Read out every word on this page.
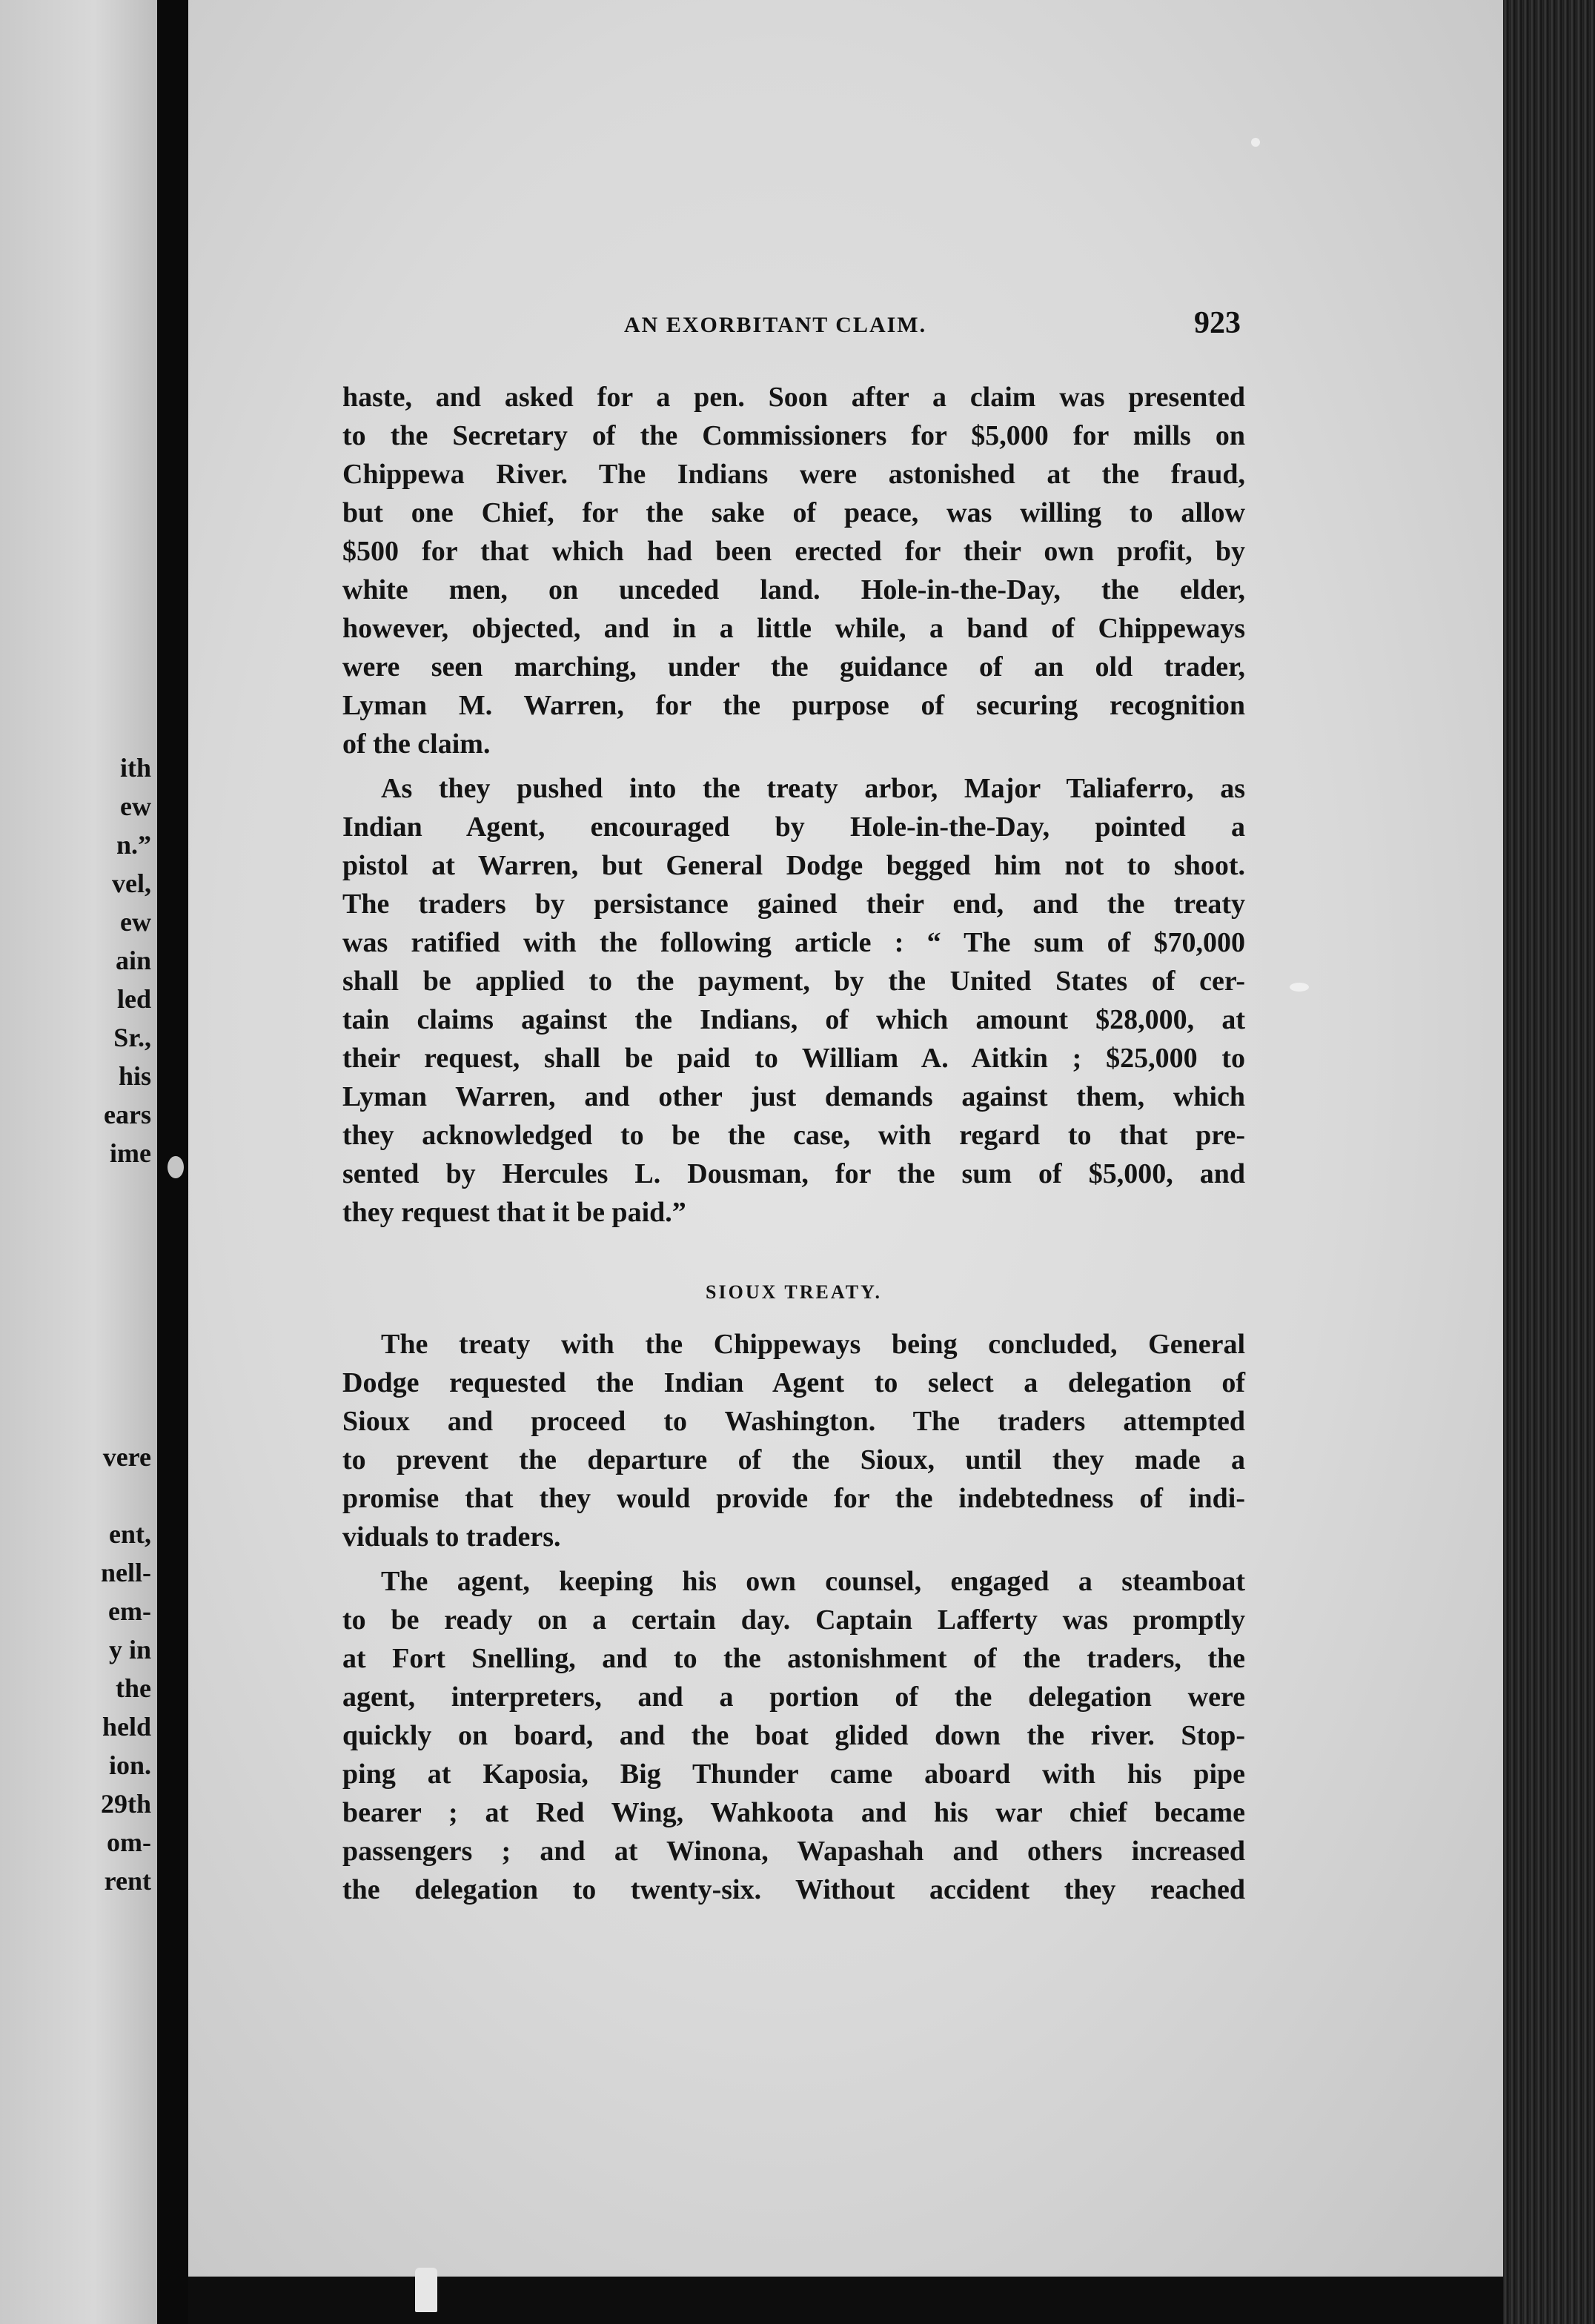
ith
ew
n.”
vel,
ew
ain
led
Sr.,
his
ears
ime
vere
ent,
nell-
em-
y in
the
held
ion.
29th
om-
rent
AN EXORBITANT CLAIM.	923
haste, and asked for a pen. Soon after a claim was presented
to the Secretary of the Commissioners for $5,000 for mills on
Chippewa River. The Indians were astonished at the fraud,
but one Chief, for the sake of peace, was willing to allow
$500 for that which had been erected for their own profit, by
white men, on unceded land. Hole-in-the-Day, the elder,
however, objected, and in a little while, a band of Chippeways
were seen marching, under the guidance of an old trader,
Lyman M. Warren, for the purpose of securing recognition
of the claim.
As they pushed into the treaty arbor, Major Taliaferro, as
Indian Agent, encouraged by Hole-in-the-Day, pointed a
pistol at Warren, but General Dodge begged him not to shoot.
The traders by persistance gained their end, and the treaty
was ratified with the following article : “ The sum of $70,000
shall be applied to the payment, by the United States of cer-
tain claims against the Indians, of which amount $28,000, at
their request, shall be paid to William A. Aitkin ; $25,000 to
Lyman Warren, and other just demands against them, which
they acknowledged to be the case, with regard to that pre-
sented by Hercules L. Dousman, for the sum of $5,000, and
they request that it be paid.”
SIOUX TREATY.
The treaty with the Chippeways being concluded, General
Dodge requested the Indian Agent to select a delegation of
Sioux and proceed to Washington. The traders attempted
to prevent the departure of the Sioux, until they made a
promise that they would provide for the indebtedness of indi-
viduals to traders.
The agent, keeping his own counsel, engaged a steamboat
to be ready on a certain day. Captain Lafferty was promptly
at Fort Snelling, and to the astonishment of the traders, the
agent, interpreters, and a portion of the delegation were
quickly on board, and the boat glided down the river. Stop-
ping at Kaposia, Big Thunder came aboard with his pipe
bearer ; at Red Wing, Wahkoota and his war chief became
passengers ; and at Winona, Wapashah and others increased
the delegation to twenty-six. Without accident they reached
